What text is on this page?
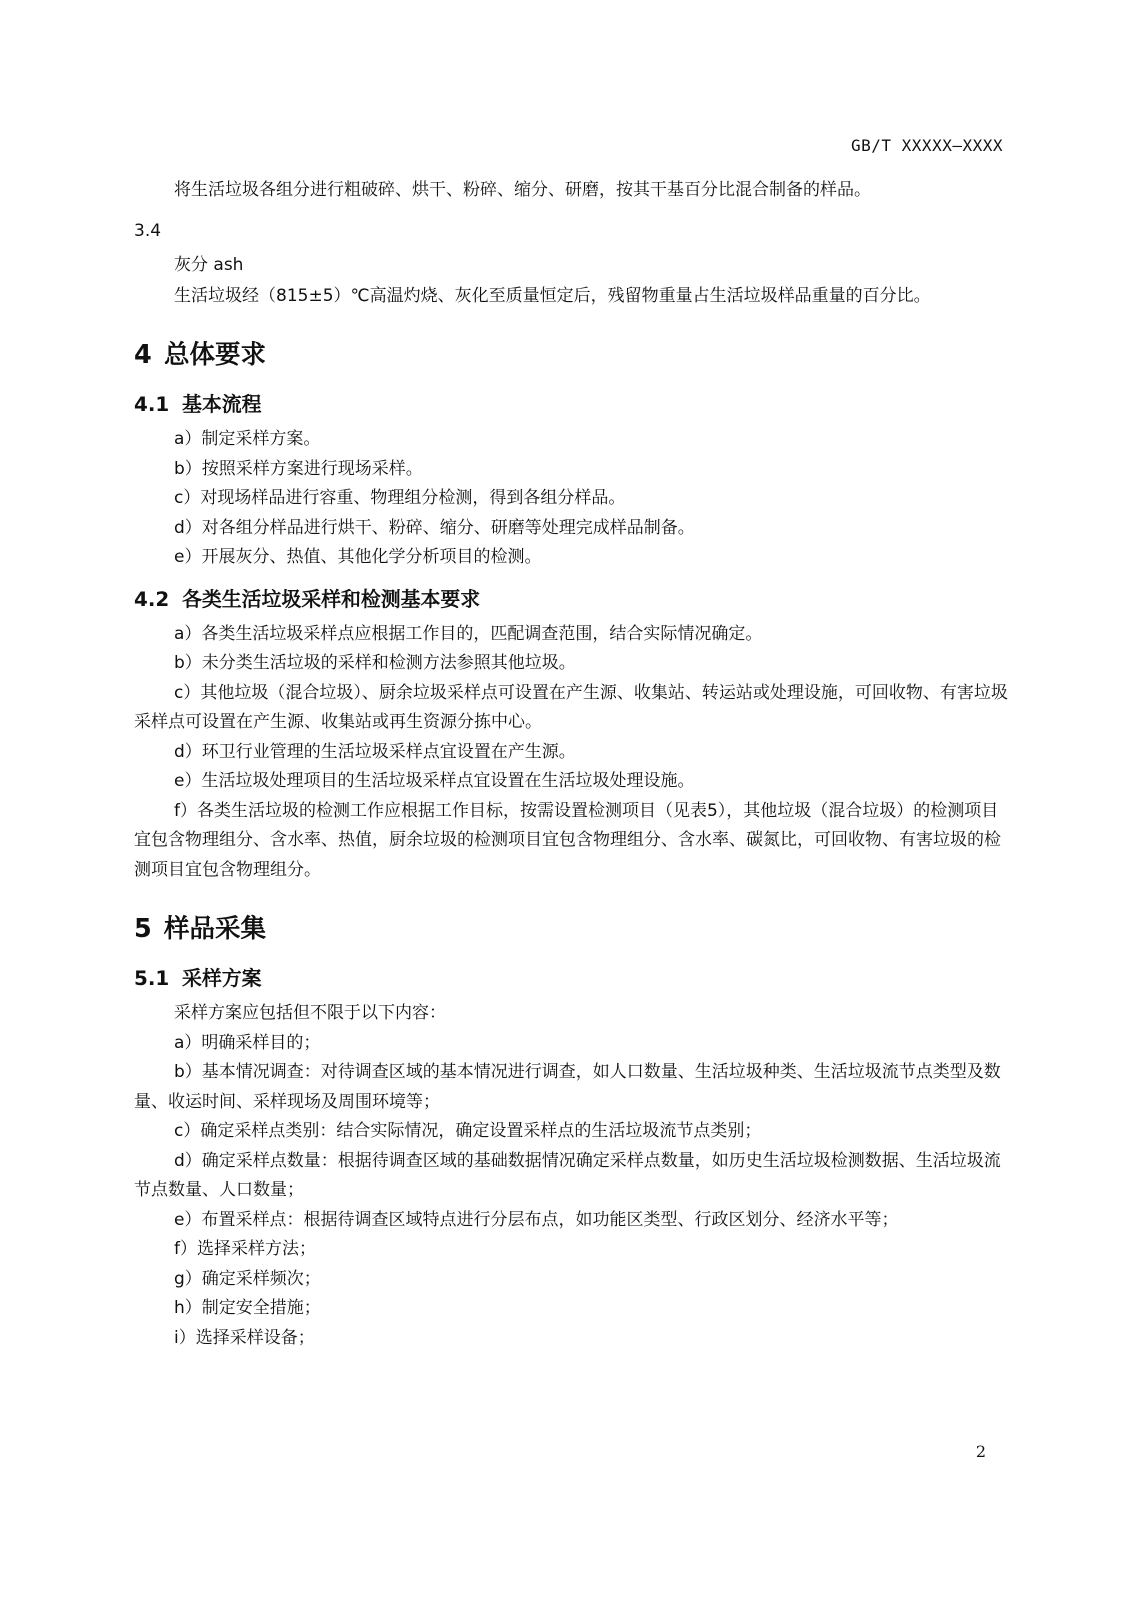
GB/T XXXXX—XXXX

将生活垃圾各组分进行粗破碎、烘干、粉碎、缩分、研磨，按其干基百分比混合制备的样品。

3.4

灰分 ash

生活垃圾经（815±5）℃高温灼烧、灰化至质量恒定后，残留物重量占生活垃圾样品重量的百分比。

4 总体要求
4.1 基本流程

a）制定采样方案。

b）按照采样方案进行现场采样。

c）对现场样品进行容重、物理组分检测，得到各组分样品。

d）对各组分样品进行烘干、粉碎、缩分、研磨等处理完成样品制备。

e）开展灰分、热值、其他化学分析项目的检测。

4.2 各类生活垃圾采样和检测基本要求

a）各类生活垃圾采样点应根据工作目的，匹配调查范围，结合实际情况确定。

b）未分类生活垃圾的采样和检测方法参照其他垃圾。

c）其他垃圾（混合垃圾）、厨余垃圾采样点可设置在产生源、收集站、转运站或处理设施，可回收物、有害垃圾采样点可设置在产生源、收集站或再生资源分拣中心。

d）环卫行业管理的生活垃圾采样点宜设置在产生源。

e）生活垃圾处理项目的生活垃圾采样点宜设置在生活垃圾处理设施。

f）各类生活垃圾的检测工作应根据工作目标，按需设置检测项目（见表5），其他垃圾（混合垃圾）的检测项目宜包含物理组分、含水率、热值，厨余垃圾的检测项目宜包含物理组分、含水率、碳氮比，可回收物、有害垃圾的检测项目宜包含物理组分。

5 样品采集
5.1 采样方案

采样方案应包括但不限于以下内容：

a）明确采样目的；

b）基本情况调查：对待调查区域的基本情况进行调查，如人口数量、生活垃圾种类、生活垃圾流节点类型及数量、收运时间、采样现场及周围环境等；

c）确定采样点类别：结合实际情况，确定设置采样点的生活垃圾流节点类别；

d）确定采样点数量：根据待调查区域的基础数据情况确定采样点数量，如历史生活垃圾检测数据、生活垃圾流节点数量、人口数量；

e）布置采样点：根据待调查区域特点进行分层布点，如功能区类型、行政区划分、经济水平等；

f）选择采样方法；

g）确定采样频次；

h）制定安全措施；

i）选择采样设备；

2
